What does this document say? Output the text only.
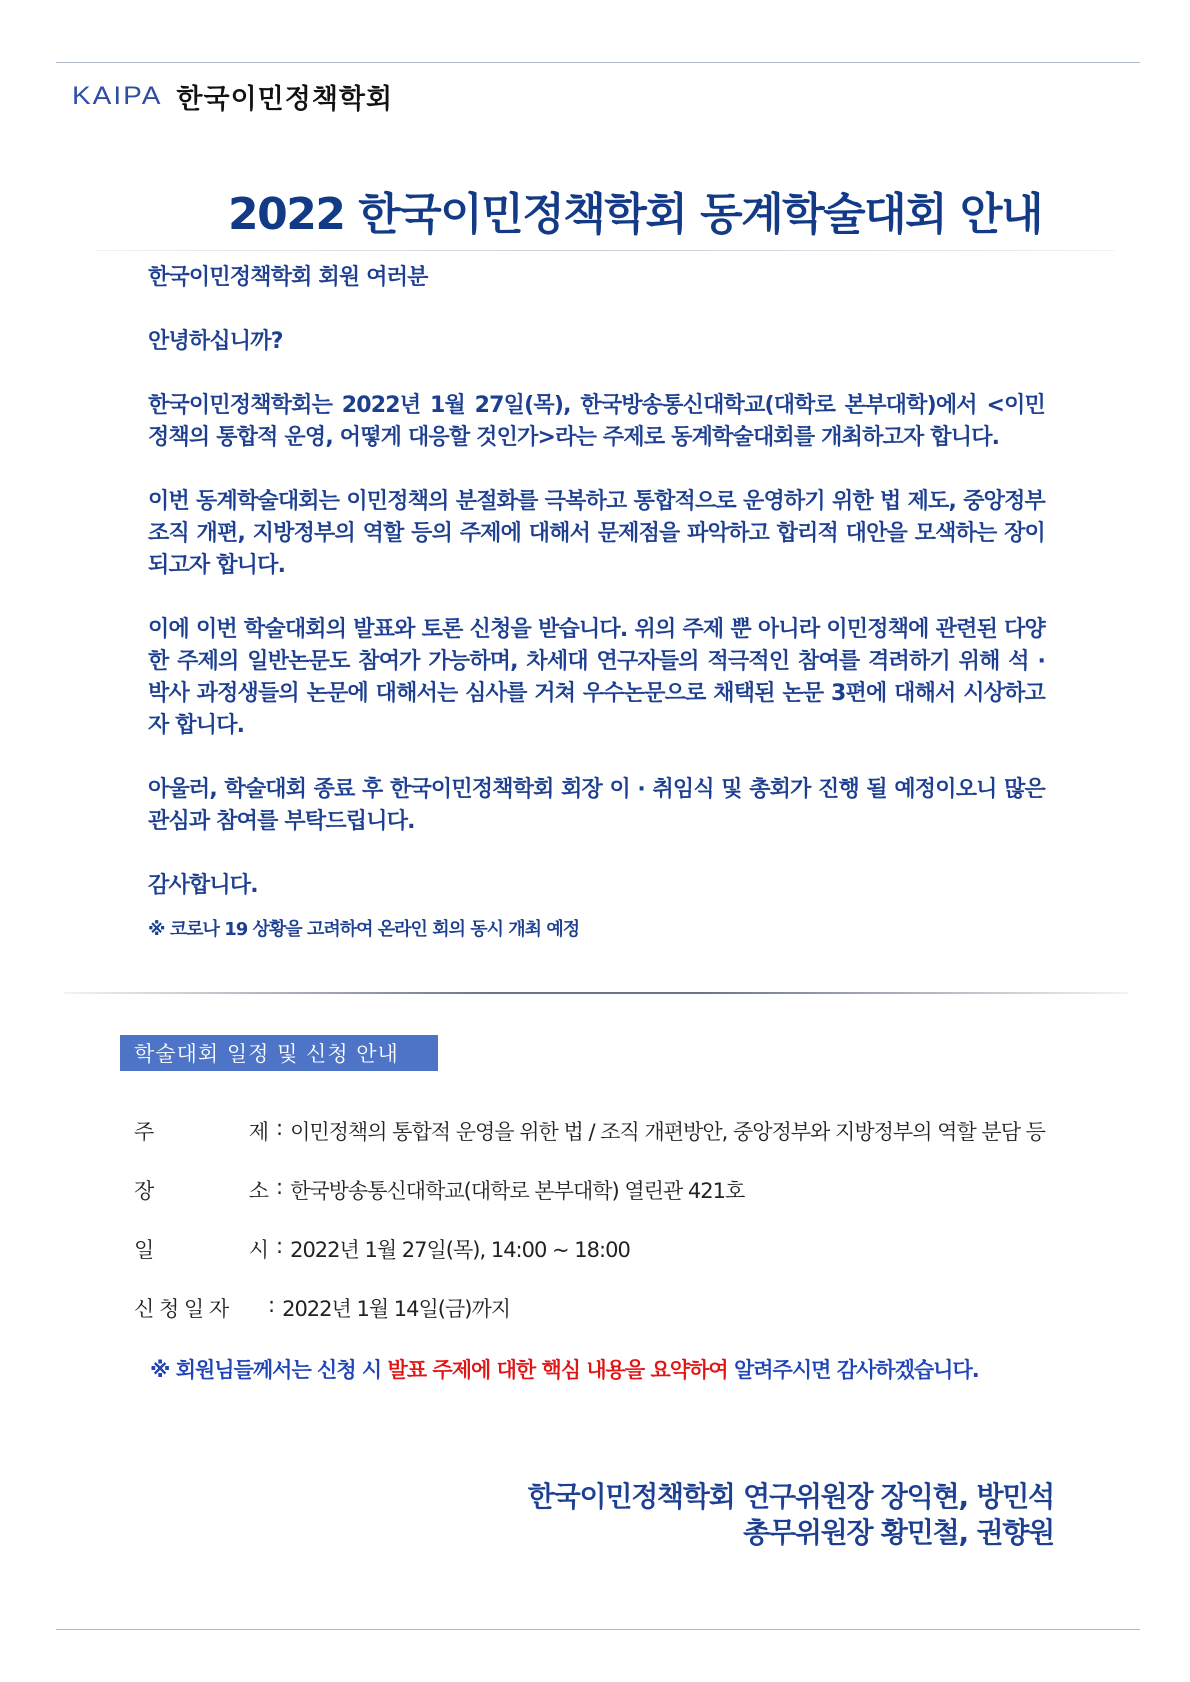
KAIPA 한국이민정책학회
2022 한국이민정책학회 동계학술대회 안내

한국이민정책학회 회원 여러분

안녕하십니까?

한국이민정책학회는 2022년 1월 27일(목), 한국방송통신대학교(대학로 본부대학)에서 <이민정책의 통합적 운영, 어떻게 대응할 것인가>라는 주제로 동계학술대회를 개최하고자 합니다.

이번 동계학술대회는 이민정책의 분절화를 극복하고 통합적으로 운영하기 위한 법 제도, 중앙정부 조직 개편, 지방정부의 역할 등의 주제에 대해서 문제점을 파악하고 합리적 대안을 모색하는 장이 되고자 합니다.

이에 이번 학술대회의 발표와 토론 신청을 받습니다. 위의 주제 뿐 아니라 이민정책에 관련된 다양한 주제의 일반논문도 참여가 가능하며, 차세대 연구자들의 적극적인 참여를 격려하기 위해 석 · 박사 과정생들의 논문에 대해서는 심사를 거쳐 우수논문으로 채택된 논문 3편에 대해서 시상하고자 합니다.

아울러, 학술대회 종료 후 한국이민정책학회 회장 이 · 취임식 및 총회가 진행 될 예정이오니 많은 관심과 참여를 부탁드립니다.

감사합니다.

※ 코로나 19 상황을 고려하여 온라인 회의 동시 개최 예정

학술대회 일정 및 신청 안내
주	제 : 이민정책의 통합적 운영을 위한 법 / 조직 개편방안, 중앙정부와 지방정부의 역할 분담 등
장	소 : 한국방송통신대학교(대학로 본부대학) 열린관 421호
일	시 : 2022년 1월 27일(목), 14:00 ~ 18:00
신 청 일 자	: 2022년 1월 14일(금)까지
※ 회원님들께서는 신청 시 발표 주제에 대한 핵심 내용을 요약하여 알려주시면 감사하겠습니다.
한국이민정책학회 연구위원장 장익현, 방민석
총무위원장 황민철, 권향원
